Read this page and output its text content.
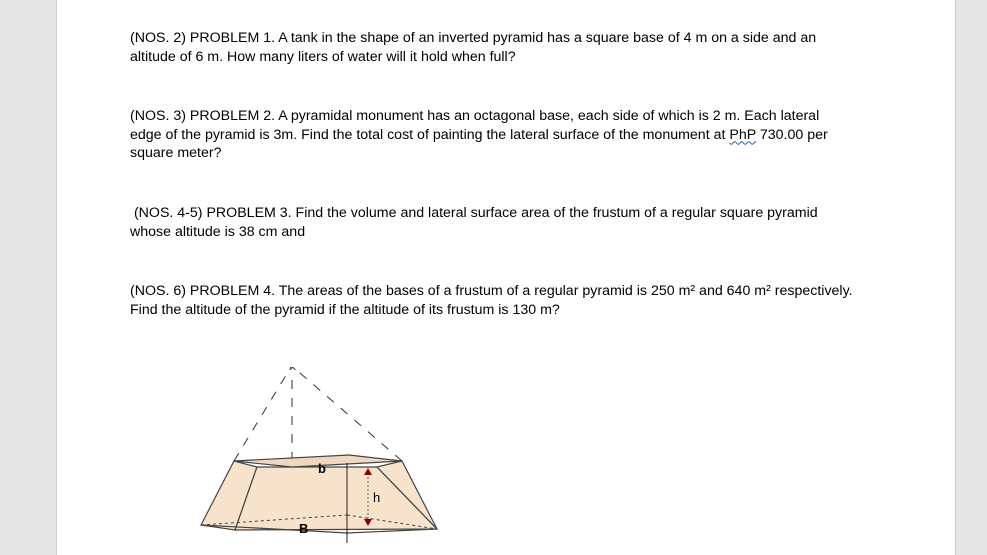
(NOS. 2) PROBLEM 1. A tank in the shape of an inverted pyramid has a square base of 4 m on a side and an
altitude of 6 m. How many liters of water will it hold when full?
(NOS. 3) PROBLEM 2. A pyramidal monument has an octagonal base, each side of which is 2 m. Each lateral
edge of the pyramid is 3m. Find the total cost of painting the lateral surface of the monument at PhP 730.00 per
square meter?
(NOS. 4-5) PROBLEM 3. Find the volume and lateral surface area of the frustum of a regular square pyramid
whose altitude is 38 cm and
(NOS. 6) PROBLEM 4. The areas of the bases of a frustum of a regular pyramid is 250 m² and 640 m² respectively.
Find the altitude of the pyramid if the altitude of its frustum is 130 m?
^
b
B
h
